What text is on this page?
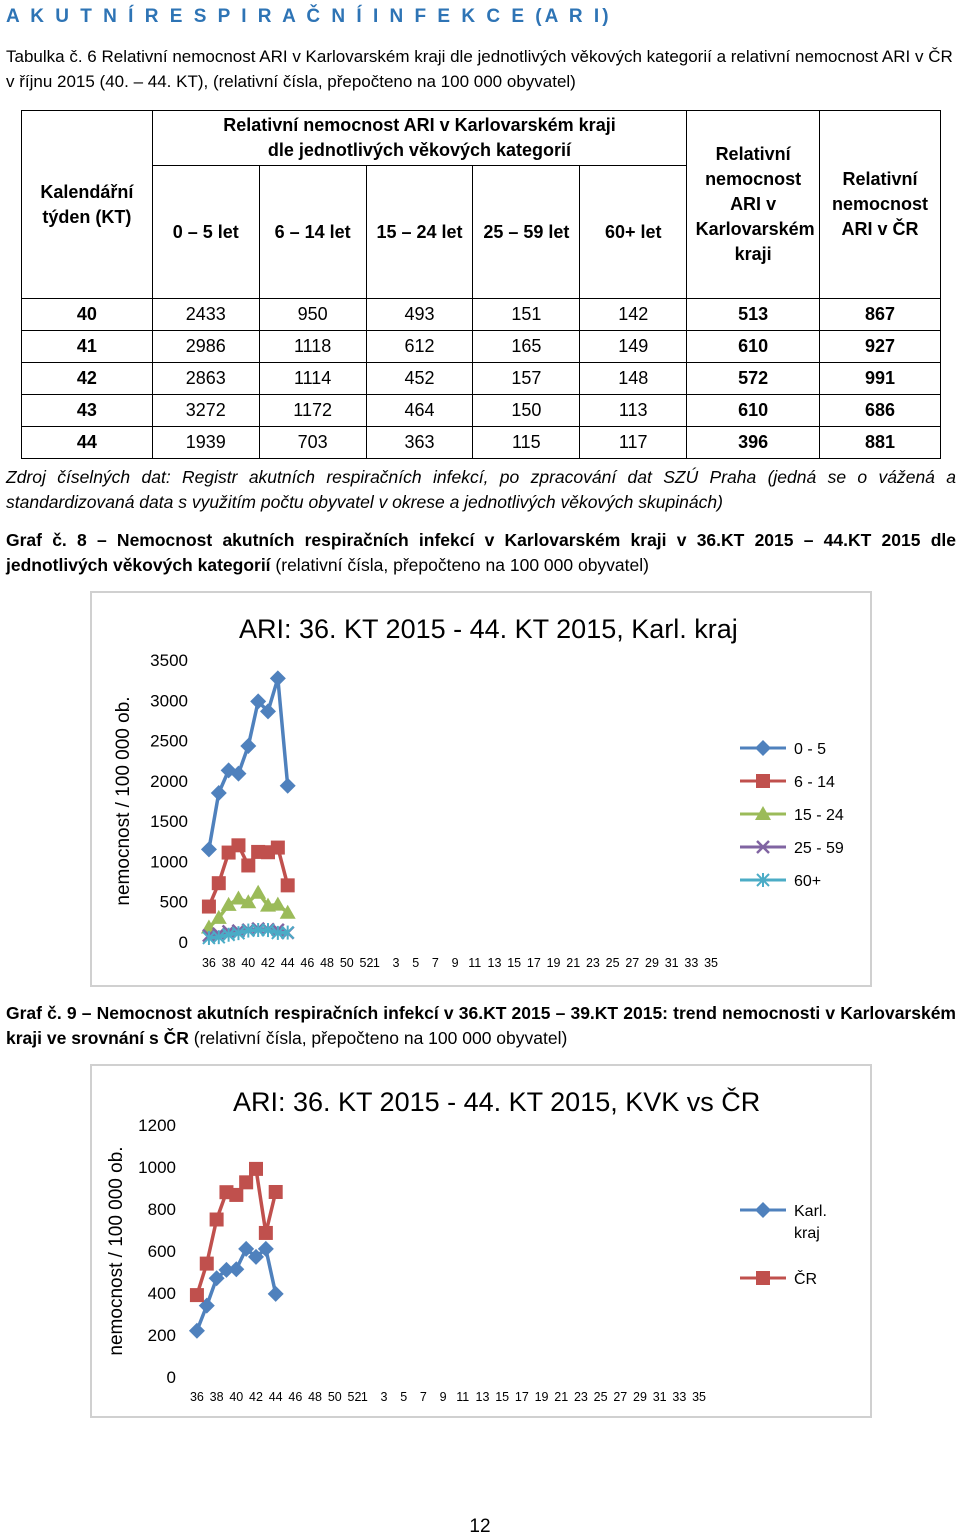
A K U T N Í R E S P I R A Č N Í I N F E K C E (A R I)
Tabulka č. 6 Relativní nemocnost ARI v Karlovarském kraji dle jednotlivých věkových kategorií a relativní nemocnost ARI v ČR v říjnu 2015 (40. – 44. KT), (relativní čísla, přepočteno na 100 000 obyvatel)
Kalendářní týden (KT)	Relativní nemocnost ARI v Karlovarském kraji dle jednotlivých věkových kategorií					Relativní nemocnost ARI v Karlovarském kraji	Relativní nemocnost ARI v ČR

	0 – 5 let	6 – 14 let	15 – 24 let	25 – 59 let	60+ let		
40	2433	950	493	151	142	513	867
41	2986	1118	612	165	149	610	927
42	2863	1114	452	157	148	572	991
43	3272	1172	464	150	113	610	686
44	1939	703	363	115	117	396	881
Zdroj číselných dat: Registr akutních respiračních infekcí, po zpracování dat SZÚ Praha (jedná se o vážená a standardizovaná data s využitím počtu obyvatel v okrese a jednotlivých věkových skupinách)
Graf č. 8 – Nemocnost akutních respiračních infekcí v Karlovarském kraji v 36.KT 2015 – 44.KT 2015 dle jednotlivých věkových kategorií (relativní čísla, přepočteno na 100 000 obyvatel)
ARI: 36. KT 2015 - 44. KT 2015, Karl. kraj
nemocnost / 100 000 ob.
0
500
1000
1500
2000
2500
3000
3500
36 38 40 42 44 46 48 50 52 1 3 5 7 9 11 13 15 17 19 21 23 25 27 29 31 33 35
0 - 5
6 - 14
15 - 24
25 - 59
60+
Graf č. 9 – Nemocnost akutních respiračních infekcí v 36.KT 2015 – 39.KT 2015: trend nemocnosti v Karlovarském kraji ve srovnání s ČR (relativní čísla, přepočteno na 100 000 obyvatel)
ARI: 36. KT 2015 - 44. KT 2015, KVK vs ČR
nemocnost / 100 000 ob.
0
200
400
600
800
1000
1200
36 38 40 42 44 46 48 50 52 1 3 5 7 9 11 13 15 17 19 21 23 25 27 29 31 33 35
Karl.
kraj
ČR
12
